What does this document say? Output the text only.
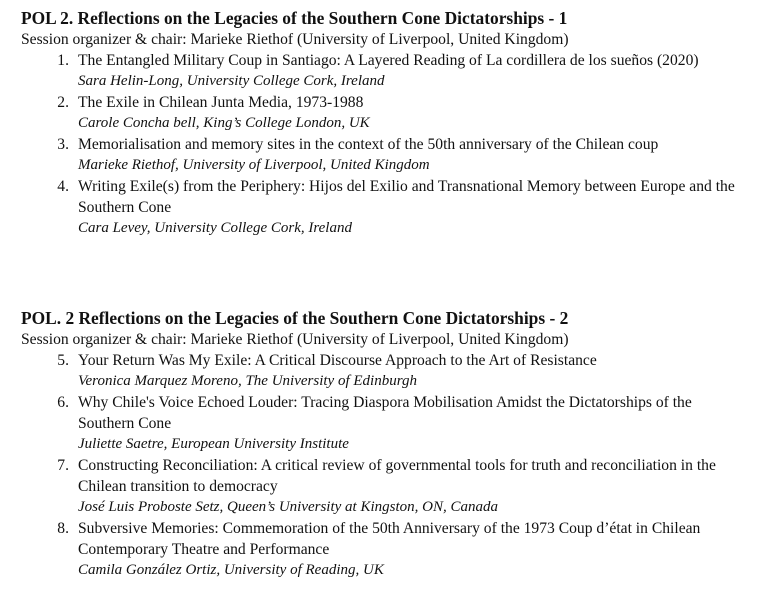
POL 2. Reflections on the Legacies of the Southern Cone Dictatorships - 1

Session organizer & chair: Marieke Riethof (University of Liverpool, United Kingdom)

1. The Entangled Military Coup in Santiago: A Layered Reading of La cordillera de los sueños (2020)
Sara Helin-Long, University College Cork, Ireland
2. The Exile in Chilean Junta Media, 1973-1988
Carole Concha bell, King’s College London, UK
3. Memorialisation and memory sites in the context of the 50th anniversary of the Chilean coup
Marieke Riethof, University of Liverpool, United Kingdom
4. Writing Exile(s) from the Periphery: Hijos del Exilio and Transnational Memory between Europe and the Southern Cone
Cara Levey, University College Cork, Ireland
POL. 2 Reflections on the Legacies of the Southern Cone Dictatorships - 2

Session organizer & chair: Marieke Riethof (University of Liverpool, United Kingdom)

5. Your Return Was My Exile: A Critical Discourse Approach to the Art of Resistance
Veronica Marquez Moreno, The University of Edinburgh
6. Why Chile's Voice Echoed Louder: Tracing Diaspora Mobilisation Amidst the Dictatorships of the Southern Cone
Juliette Saetre, European University Institute
7. Constructing Reconciliation: A critical review of governmental tools for truth and reconciliation in the Chilean transition to democracy
José Luis Proboste Setz, Queen’s University at Kingston, ON, Canada
8. Subversive Memories: Commemoration of the 50th Anniversary of the 1973 Coup d’état in Chilean Contemporary Theatre and Performance
Camila González Ortiz, University of Reading, UK
